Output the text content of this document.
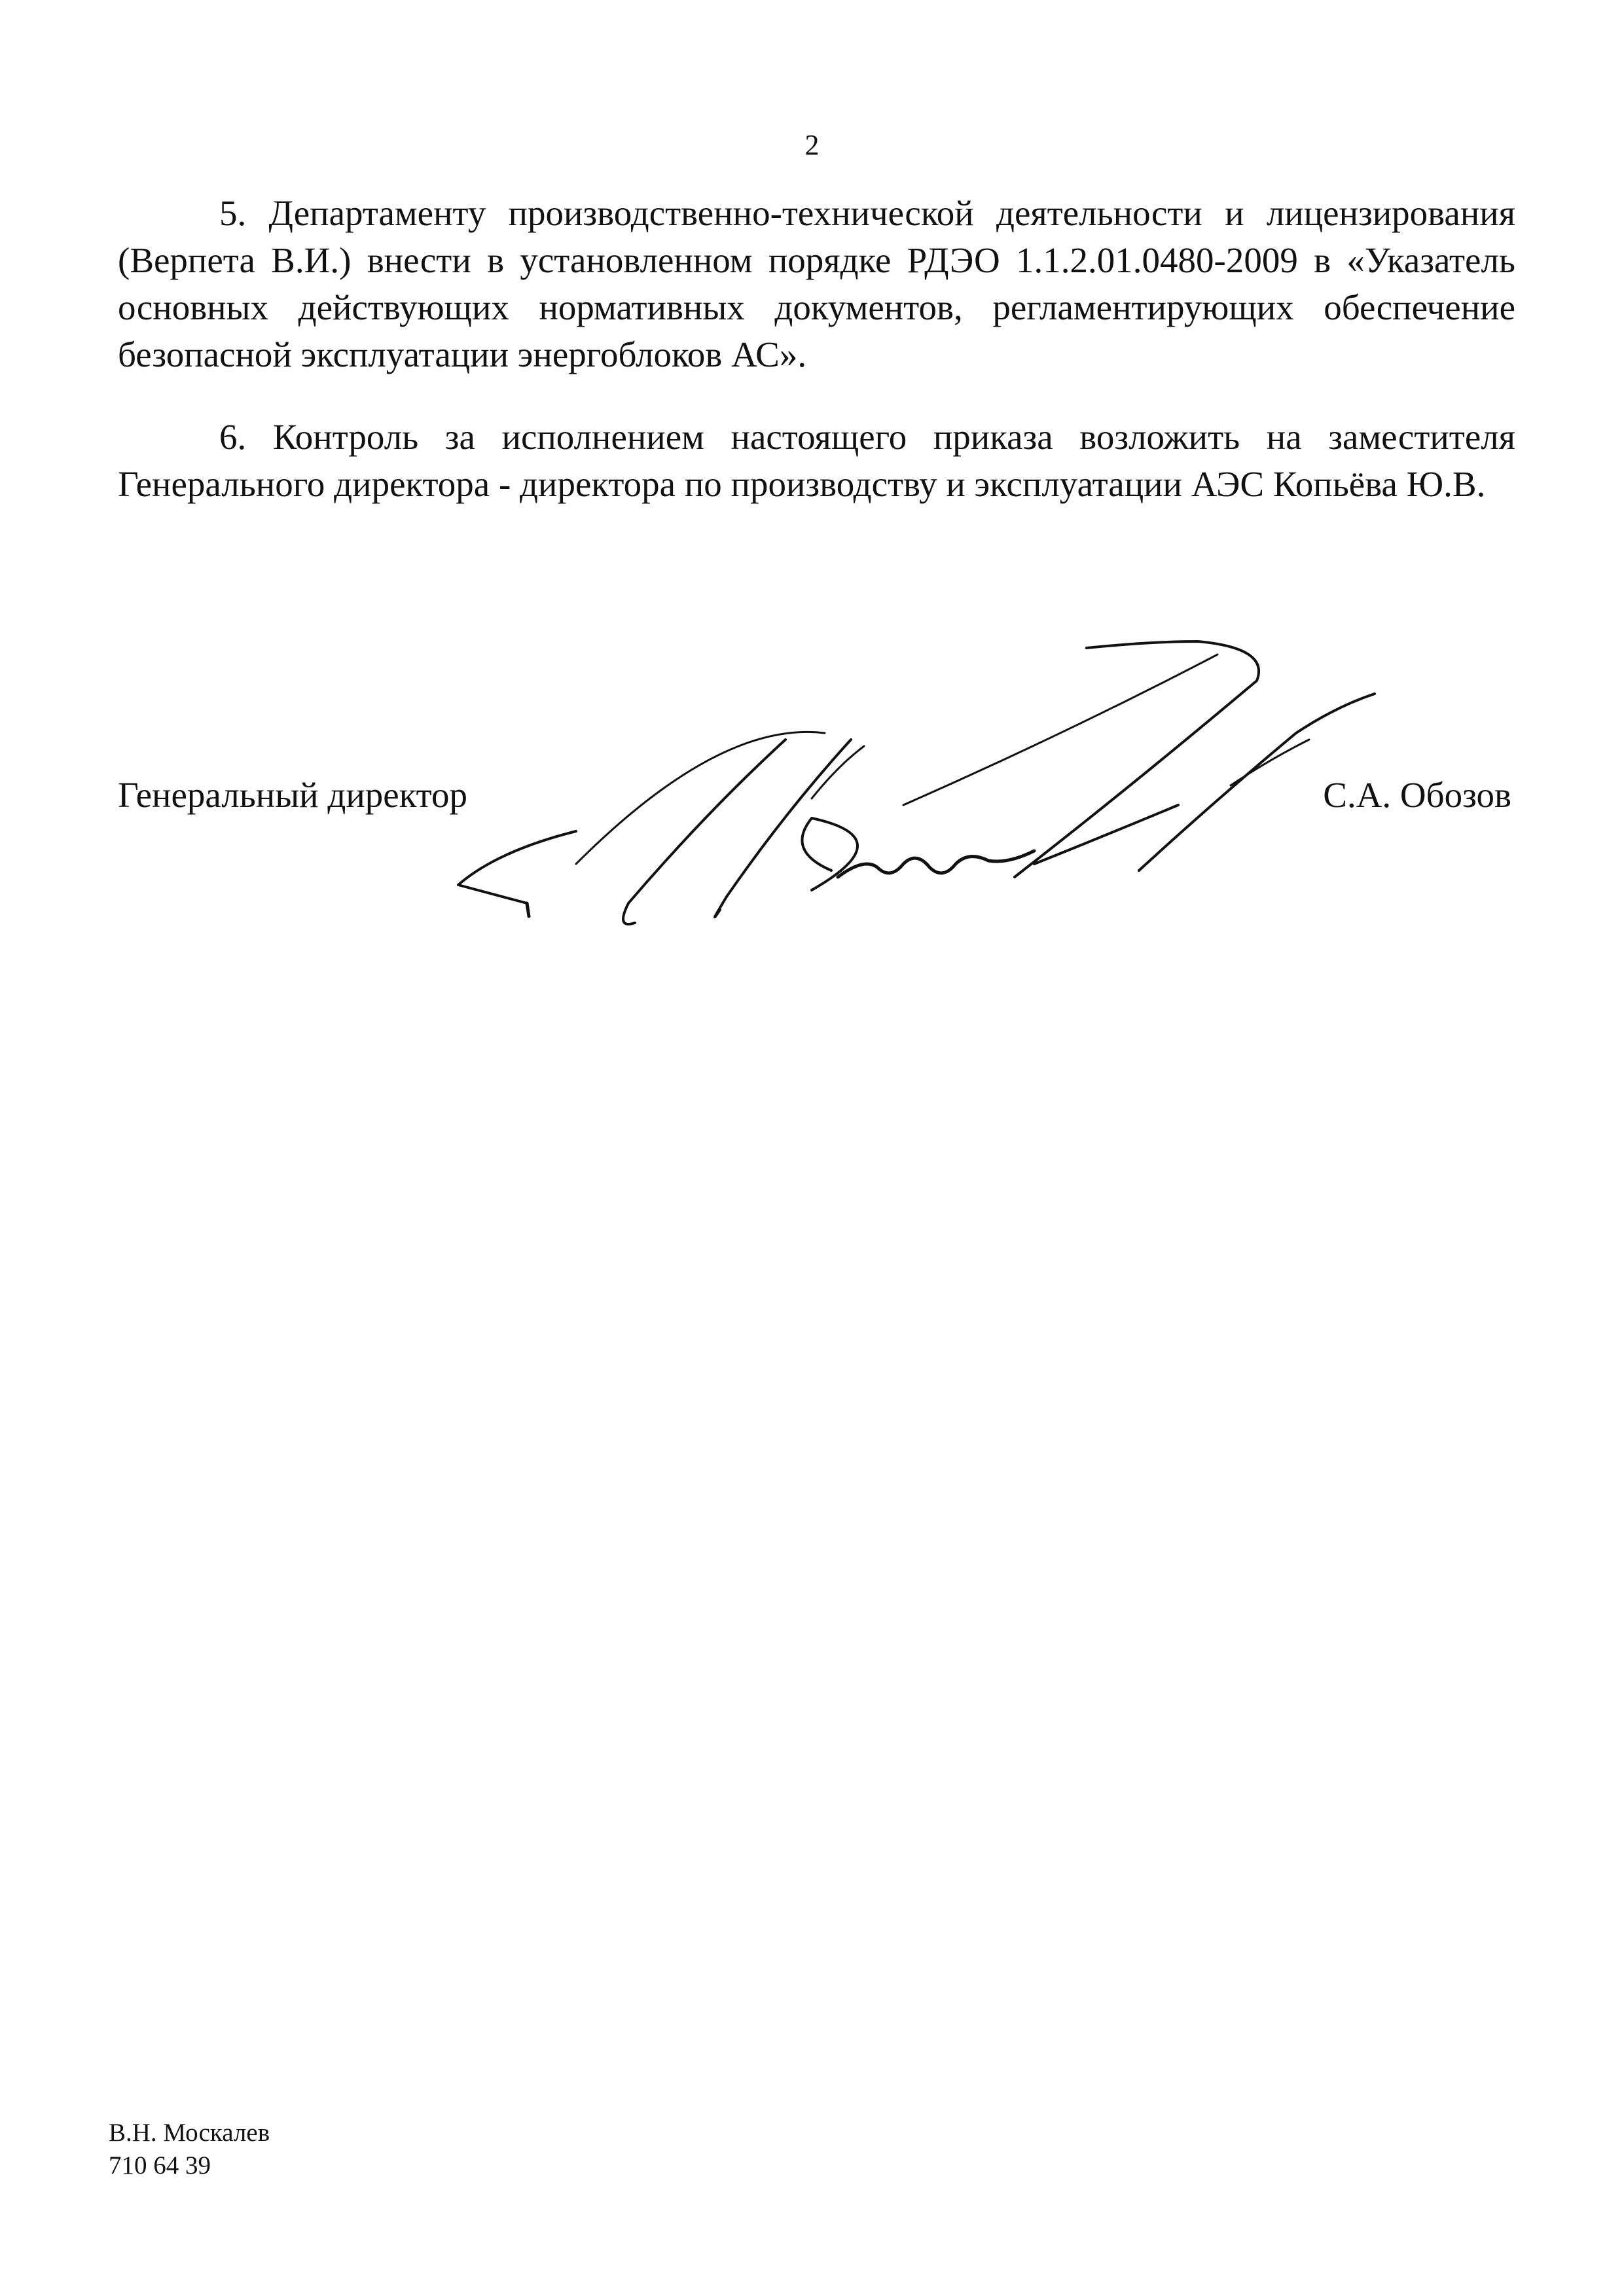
2

5. Департаменту производственно-технической деятельности и лицензирования (Верпета В.И.) внести в установленном порядке РДЭО 1.1.2.01.0480-2009 в «Указатель основных действующих нормативных документов, регламентирующих обеспечение безопасной эксплуатации энергоблоков АС».

6. Контроль за исполнением настоящего приказа возложить на заместителя Генерального директора - директора по производству и эксплуатации АЭС Копьёва Ю.В.

Генеральный директор	С.А. Обозов
В.Н. Москалев
710 64 39
